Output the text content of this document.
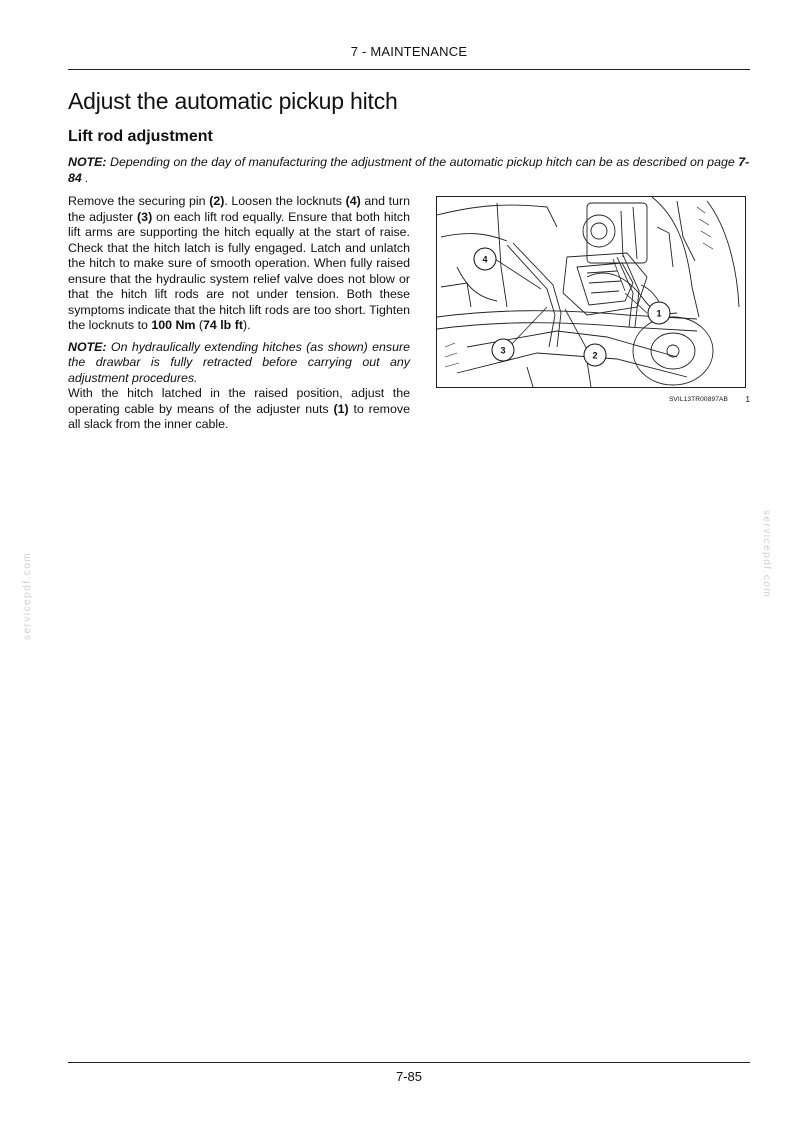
7 - MAINTENANCE
Adjust the automatic pickup hitch
Lift rod adjustment

NOTE: Depending on the day of manufacturing the adjustment of the automatic pickup hitch can be as described on page 7-84 .

Remove the securing pin (2). Loosen the locknuts (4) and turn the adjuster (3) on each lift rod equally. Ensure that both hitch lift arms are supporting the hitch equally at the start of raise. Check that the hitch latch is fully engaged. Latch and unlatch the hitch to make sure of smooth operation. When fully raised ensure that the hydraulic system relief valve does not blow or that the hitch lift rods are not under tension. Both these symptoms indicate that the hitch lift rods are too short. Tighten the locknuts to 100 Nm (74 lb ft).

NOTE: On hydraulically extending hitches (as shown) ensure the drawbar is fully retracted before carrying out any adjustment procedures.

With the hitch latched in the raised position, adjust the operating cable by means of the adjuster nuts (1) to remove all slack from the inner cable.

4
1
2
3
SVIL13TR00897AB 1
servicepdf.com	servicepdf.com
7-85
